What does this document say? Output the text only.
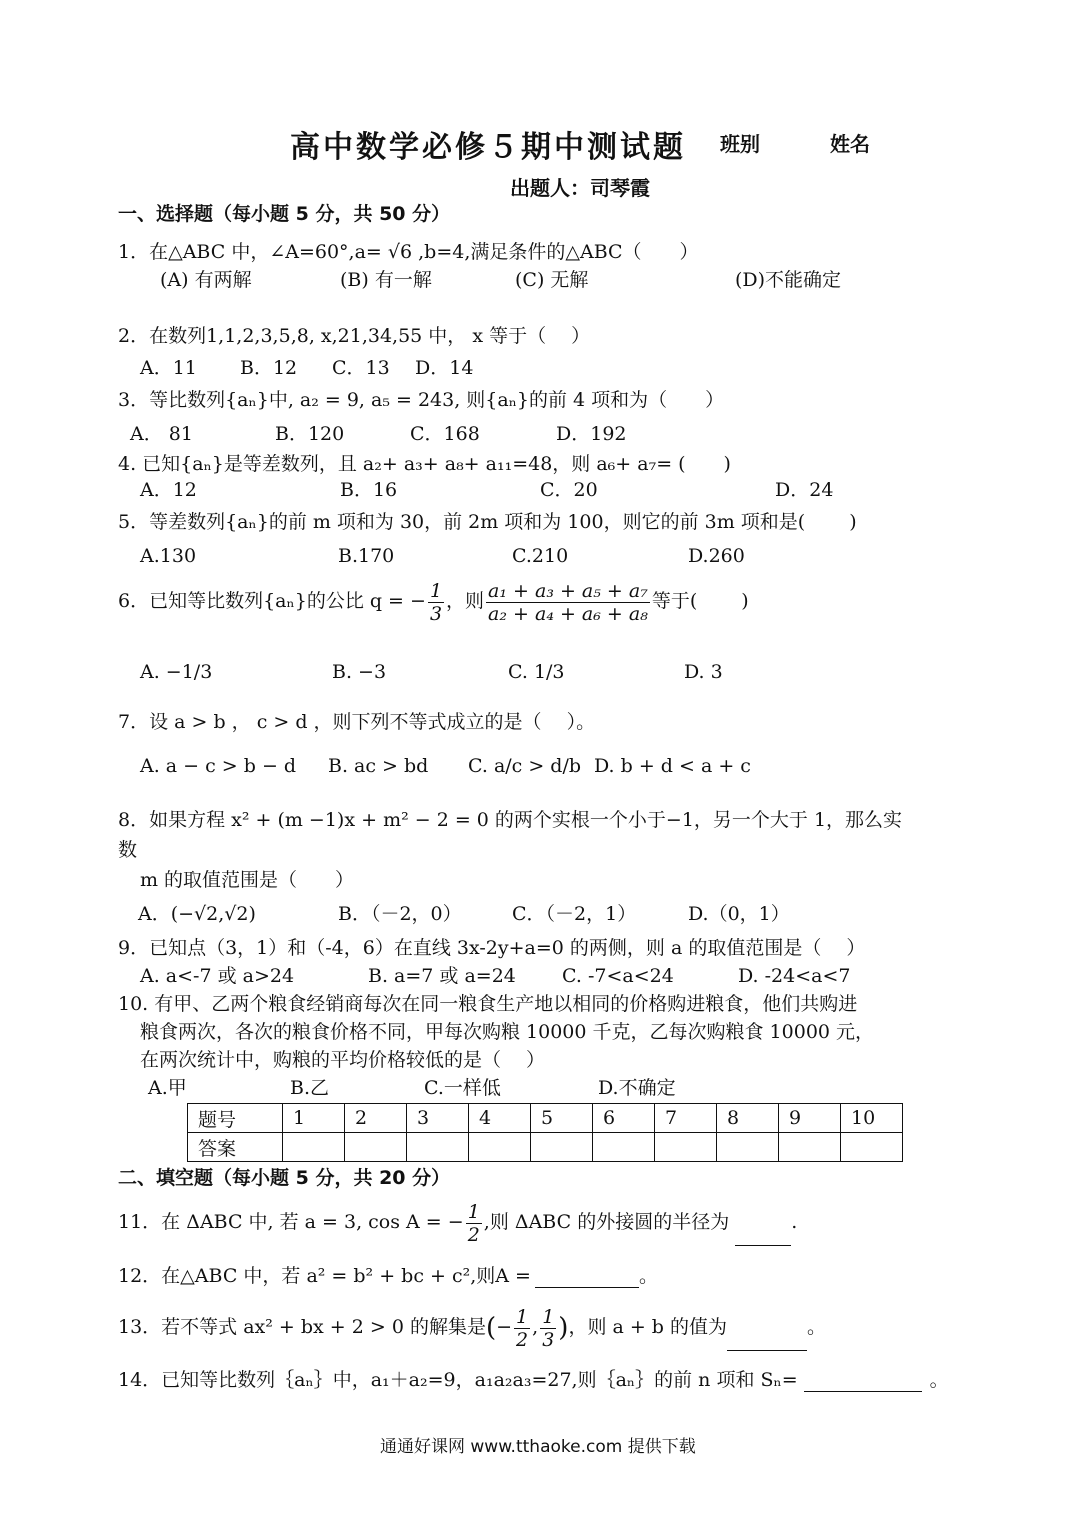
高中数学必修５期中测试题 班别	姓名
出题人：司琴霞
一、选择题（每小题 5 分，共 50 分）
1．在△ABC 中，∠A=60°,a= √6 ,b=4,满足条件的△ABC（　　）
(A) 有两解	(B) 有一解	(C) 无解	(D)不能确定
2．在数列1,1,2,3,5,8, x,21,34,55 中， x 等于（　 ）
A．11 B．12 C．13 D．14
3．等比数列{aₙ}中, a₂ = 9, a₅ = 243, 则{aₙ}的前 4 项和为（　　）
A． 81	B．120	C．168	D．192
4. 已知{aₙ}是等差数列，且 a₂+ a₃+ a₈+ a₁₁=48，则 a₆+ a₇= (　　)
A．12	B．16	C．20	D．24
5．等差数列{aₙ}的前 m 项和为 30，前 2m 项和为 100，则它的前 3m 项和是(　　 )
A.130	B.170	C.210	D.260
6．已知等比数列{aₙ}的公比 q = − $\frac{1}{3}$ ，则 $\frac{\text{a₁ + a₃ + a₅ + a₇}}{\text{a₂ + a₄ + a₆ + a₈}}$ 等于(　　 )
A. −1/3	B. −3	C. 1/3	D. 3
7．设 a > b ， c > d ，则下列不等式成立的是（　 ）。
A. a − c > b − d B. ac > bd C. a/c > d/b D. b + d < a + c
8．如果方程 x² + (m −1)x + m² − 2 = 0 的两个实根一个小于−1，另一个大于 1，那么实
数
m 的取值范围是（　　）
A．(−√2,√2)	B．（－2，0）	C．（－2，1）	D.（0，1）
9．已知点（3，1）和（-4，6）在直线 3x-2y+a=0 的两侧，则 a 的取值范围是（　 ）
A. a<-7 或 a>24	B. a=7 或 a=24 C. -7<a<24	D. -24<a<7
10. 有甲、乙两个粮食经销商每次在同一粮食生产地以相同的价格购进粮食，他们共购进
粮食两次，各次的粮食价格不同，甲每次购粮 10000 千克，乙每次购粮食 10000 元，
在两次统计中，购粮的平均价格较低的是（　 ）
A.甲	B.乙	C.一样低	D.不确定
题号	1	2	3	4	5	6	7	8	9	10
答案										
二、填空题（每小题 5 分，共 20 分）
11．在 ΔABC 中, 若 a = 3, cos A = − $\frac{1}{2}$ ,则 ΔABC 的外接圆的半径为	.
12．在△ABC 中，若 a² = b² + bc + c²,则A =	。
13．若不等式 ax² + bx + 2 > 0 的解集是(− $\frac{1}{2}$ , $\frac{1}{3}$ )，则 a + b 的值为	。
14．已知等比数列｛aₙ｝中，a₁＋a₂=9，a₁a₂a₃=27,则｛aₙ｝的前 n 项和 Sₙ=	。
通通好课网 www.tthaoke.com 提供下载
